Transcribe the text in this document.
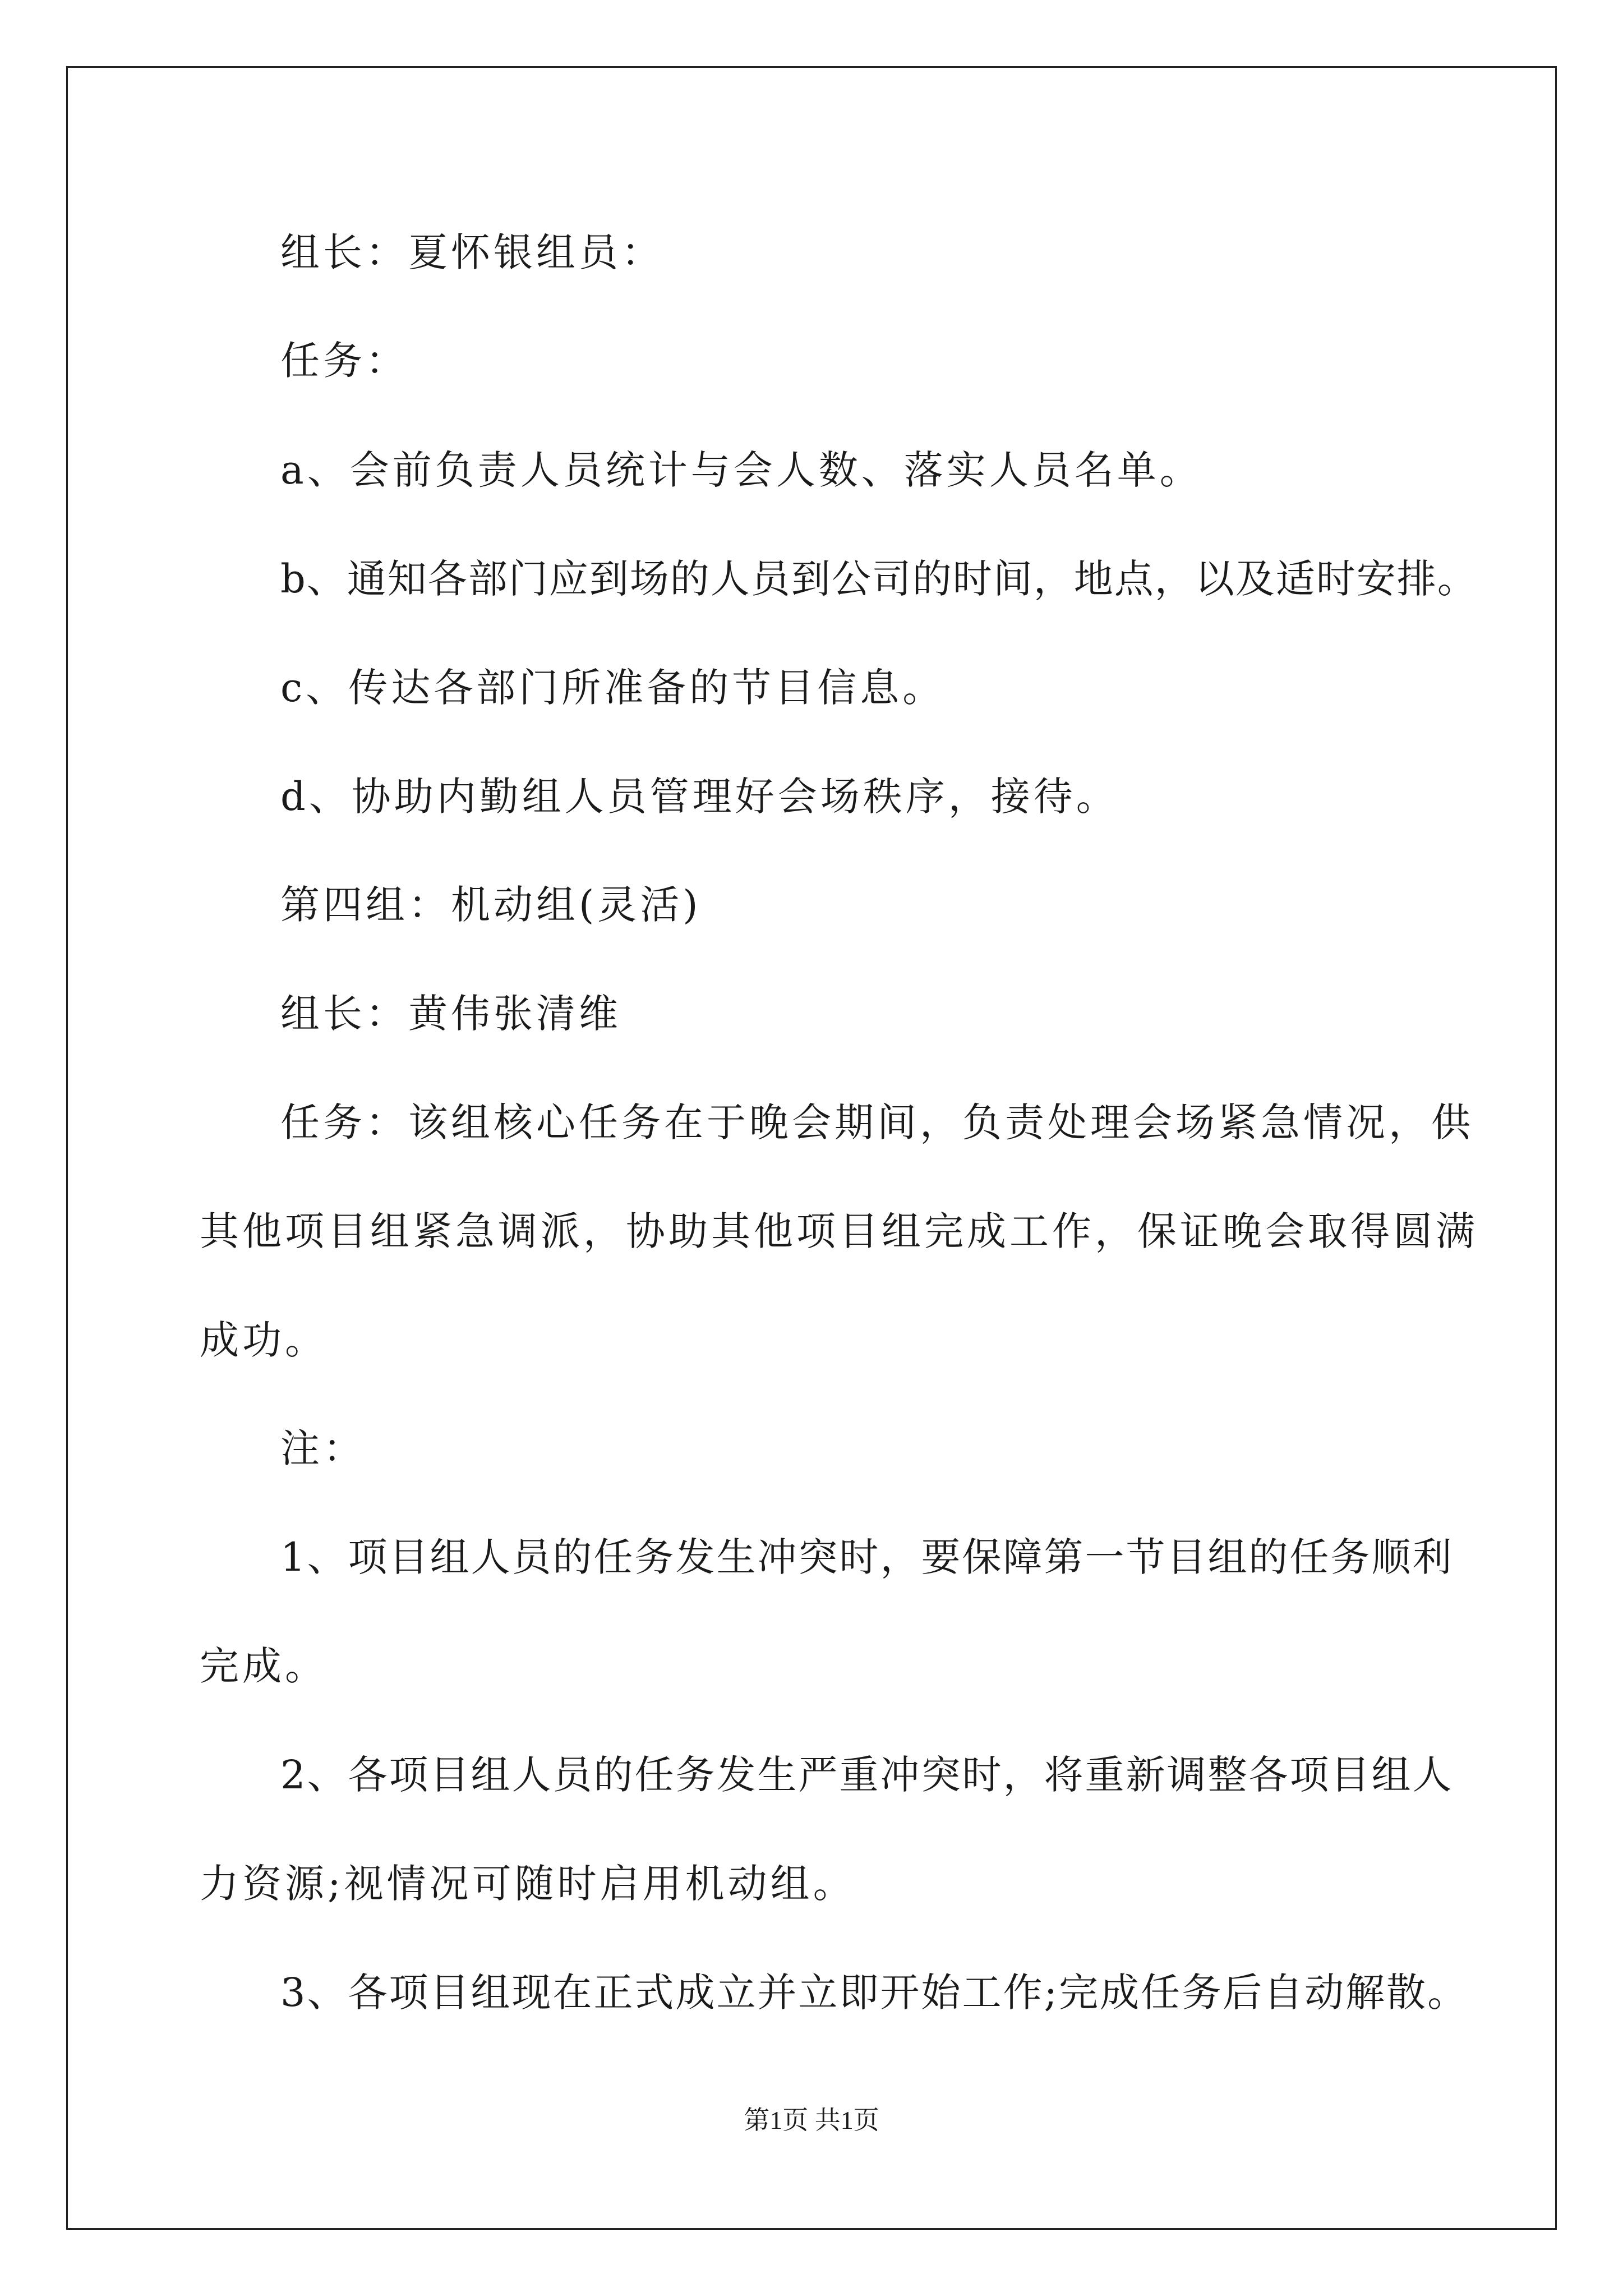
组长：夏怀银组员：

任务：

a、会前负责人员统计与会人数、落实人员名单。

b、通知各部门应到场的人员到公司的时间，地点，以及适时安排。

c、传达各部门所准备的节目信息。

d、协助内勤组人员管理好会场秩序，接待。

第四组：机动组(灵活)

组长：黄伟张清维

任务：该组核心任务在于晚会期间，负责处理会场紧急情况，供

其他项目组紧急调派，协助其他项目组完成工作，保证晚会取得圆满

成功。

注：

1、项目组人员的任务发生冲突时，要保障第一节目组的任务顺利

完成。

2、各项目组人员的任务发生严重冲突时，将重新调整各项目组人

力资源;视情况可随时启用机动组。

3、各项目组现在正式成立并立即开始工作;完成任务后自动解散。

第1页 共1页
